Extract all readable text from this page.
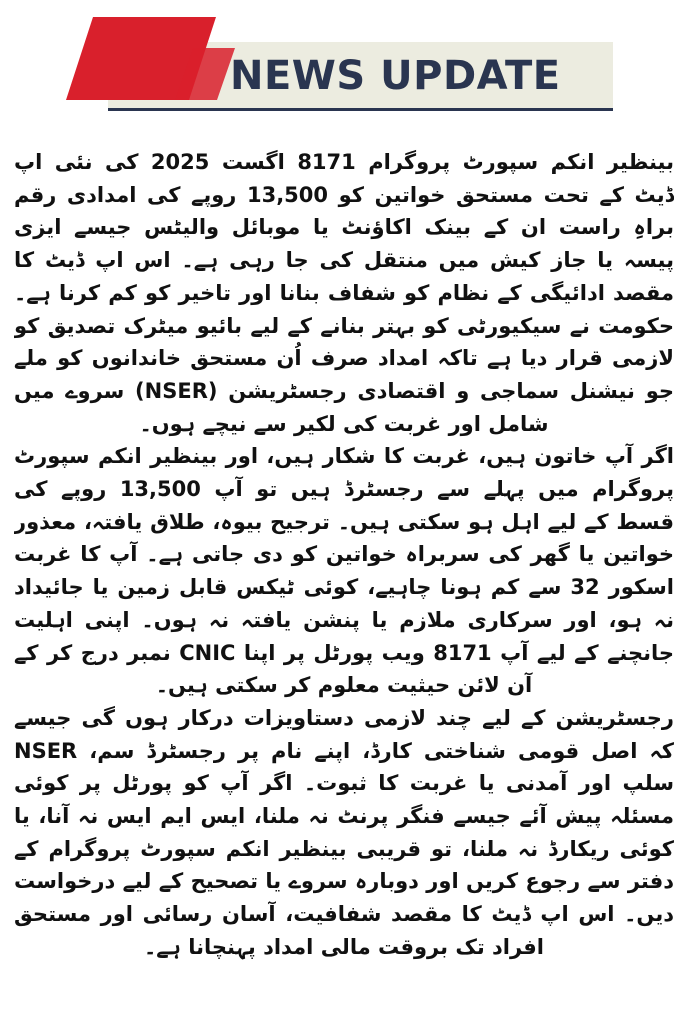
NEWS UPDATE

بینظیر انکم سپورٹ پروگرام 8171 اگست 2025 کی نئی اپ ڈیٹ کے تحت مستحق خواتین کو 13,500 روپے کی امدادی رقم براہِ راست ان کے بینک اکاؤنٹ یا موبائل والیٹس جیسے ایزی پیسہ یا جاز کیش میں منتقل کی جا رہی ہے۔ اس اپ ڈیٹ کا مقصد ادائیگی کے نظام کو شفاف بنانا اور تاخیر کو کم کرنا ہے۔ حکومت نے سیکیورٹی کو بہتر بنانے کے لیے بائیو میٹرک تصدیق کو لازمی قرار دیا ہے تاکہ امداد صرف اُن مستحق خاندانوں کو ملے جو نیشنل سماجی و اقتصادی رجسٹریشن (NSER) سروے میں شامل اور غربت کی لکیر سے نیچے ہوں۔

اگر آپ خاتون ہیں، غربت کا شکار ہیں، اور بینظیر انکم سپورٹ پروگرام میں پہلے سے رجسٹرڈ ہیں تو آپ 13,500 روپے کی قسط کے لیے اہل ہو سکتی ہیں۔ ترجیح بیوہ، طلاق یافتہ، معذور خواتین یا گھر کی سربراہ خواتین کو دی جاتی ہے۔ آپ کا غربت اسکور 32 سے کم ہونا چاہیے، کوئی ٹیکس قابل زمین یا جائیداد نہ ہو، اور سرکاری ملازم یا پنشن یافتہ نہ ہوں۔ اپنی اہلیت جانچنے کے لیے آپ 8171 ویب پورٹل پر اپنا CNIC نمبر درج کر کے آن لائن حیثیت معلوم کر سکتی ہیں۔

رجسٹریشن کے لیے چند لازمی دستاویزات درکار ہوں گی جیسے کہ اصل قومی شناختی کارڈ، اپنے نام پر رجسٹرڈ سم، NSER سلپ اور آمدنی یا غربت کا ثبوت۔ اگر آپ کو پورٹل پر کوئی مسئلہ پیش آئے جیسے فنگر پرنٹ نہ ملنا، ایس ایم ایس نہ آنا، یا کوئی ریکارڈ نہ ملنا، تو قریبی بینظیر انکم سپورٹ پروگرام کے دفتر سے رجوع کریں اور دوبارہ سروے یا تصحیح کے لیے درخواست دیں۔ اس اپ ڈیٹ کا مقصد شفافیت، آسان رسائی اور مستحق افراد تک بروقت مالی امداد پہنچانا ہے۔
